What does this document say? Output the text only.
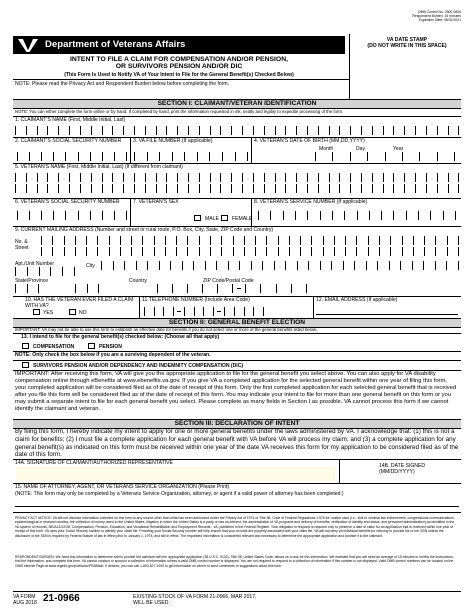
OMB Control No. 2900-0826
Respondent Burden: 15 minutes
Expiration Date: 08/31/2021
Department of Veterans Affairs	VA DATE STAMP
(DO NOT WRITE IN THIS SPACE)
INTENT TO FILE A CLAIM FOR COMPENSATION AND/OR PENSION,
OR SURVIVORS PENSION AND/OR DIC
(This Form Is Used to Notify VA of Your Intent to File for the General Benefit(s) Checked Below)
NOTE: Please read the Privacy Act and Respondent Burden below before completing the form.
SECTION I: CLAIMANT/VETERAN IDENTIFICATION
NOTE: You can either complete the form online or by hand. If completed by hand, print the information requested in ink, neatly and legibly to expedite processing of the form.
1. CLAIMANT'S NAME (First, Middle Initial, Last)
2. CLAIMANT'S SOCIAL SECURITY NUMBER 3. VA FILE NUMBER (If applicable)	4. VETERAN'S DATE OF BIRTH (MM,DD,YYYY)
Month	Day	Year
5. VETERAN'S NAME (First, Middle Initial, Last) (If different from claimant)
6. VETERAN'S SOCIAL SECURITY NUMBER	7. VETERAN'S SEX	8. VETERAN'S SERVICE NUMBER (If applicable)
MALE	FEMALE
9. CURRENT MAILING ADDRESS (Number and street or rural route, P.O. Box, City, State, ZIP Code and Country)
No. & Street
Apt./Unit Number	City
State/Province	Country	ZIP Code/Postal Code
10. HAS THE VETERAN EVER FILED A CLAIM WITH VA?
YES	NO
11.TELEPHONE NUMBER (Include Area Code)	12. EMAIL ADDRESS (If applicable)
SECTION II: GENERAL BENEFIT ELECTION
IMPORTANT: VA may not be able to use this form to establish an effective date for benefits if you do not select one or more of the general benefits listed below.
13. I intend to file for the general benefit(s) checked below: (Choose all that apply)
COMPENSATION	PENSION
NOTE: Only check the box below if you are a surviving dependent of the veteran.
SURVIVORS PENSION AND/OR DEPENDENCY AND INDEMNITY COMPENSATION (DIC)
IMPORTANT: After receiving this form, VA will give you the appropriate application to file for the general benefit you select above. You can also apply for VA disability compensation online through eBenefits at www.ebenefits.va.gov. If you give VA a completed application for the selected general benefit within one year of filing this form, your completed application will be considered filed as of the date of receipt of this form. Only the first completed application for each selected general benefit that is received after you file this form will be considered filed as of the date of receipt of this form. You may indicate your intent to file for more than one general benefit on this form or you may submit a separate intent to file for each general benefit you select. Please complete as many fields in Section I as possible. VA cannot process this form if we cannot identify the claimant and veteran.
SECTION III: DECLARATION OF INTENT
By filing this form, I hereby indicate my intent to apply for one or more general benefits under the laws administered by VA. I acknowledge that: (1) this is not a claim for benefits; (2) I must file a complete application for each general benefit with VA before VA will process my claim; and (3) a complete application for any general benefit(s) as indicated on this form must be received within one year of the date VA receives this form for my application to be considered filed as of the date of this form.
14A. SIGNATURE OF CLAIMANT/AUTHORIZED REPRESENTATIVE	14B. DATE SIGNED (MM/DD/YYYY)
15. NAME OF ATTORNEY, AGENT, OR VETERANS SERVICE ORGANIZATION (Please Print)
(NOTE: This form may only be completed by a Veterans Service Organization, attorney, or agent if a valid power of attorney has been completed.)
PRIVACY ACT NOTICE: VA will not disclose information collected on this form to any source other than what has been authorized under the Privacy Act of 1974 or Title 38, Code of Federal Regulations 1.576 for routine uses (i.e., civil or criminal law enforcement, congressional communications, epidemiological or research studies, the collection of money owed to the United States, litigation in which the United States is a party or has an interest, the administration of VA programs and delivery of benefits, verification of identity and status, and personnel administration) as identified in the VA system of records, 58VA21/22/28, Compensation, Pension, Education, and Vocational Rehabilitation and Employment Records - VA, published in the Federal Register. Your obligation to respond is required only to preserve a date of claim for an application that is received within one year of receipt of this form. VA uses your Social Security number to identify your claim file. Providing your Social Security number will help ensure that your records are properly associated with your claim file. VA will not deny an individual benefits for refusing to provide his or her SSN unless the disclosure of the SSN is required by Federal Statute of law in effect prior to January 1, 1975, and still in effect. The requested information is considered relevant and necessary to determine the appropriate application and provide it to the claimant.
RESPONDENT BURDEN: We need this information to determine and to provide the claimant with the appropriate application (38 U.S.C. 5102). Title 38, United States Code, allows us to ask for this information. We estimate that you will need an average of 15 minutes to review the instructions, find the information, and complete this form. VA cannot conduct or sponsor a collection of information unless a valid OMB control number is displayed. You are not required to respond to a collection of information if this number is not displayed. Valid OMB control numbers can be located on the OMB Internet Page at www.reginfo.gov/public/do/PRAMain. If desired, you can call 1-800-827-1000 to get information on where to send comments or suggestions about this form.
VA FORM
AUG 2018 21-0966	EXISTING STOCK OF VA FORM 21-0966, MAR 2017,
WILL BE USED.
